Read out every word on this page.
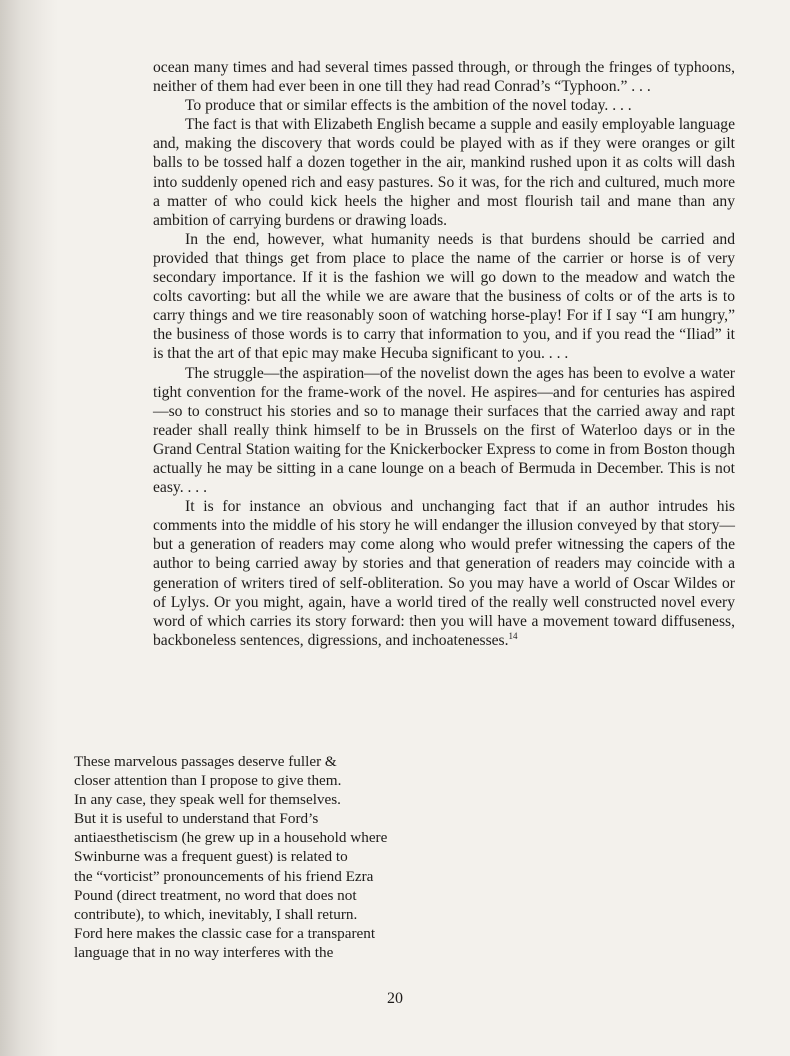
ocean many times and had several times passed through, or through the fringes of typhoons, neither of them had ever been in one till they had read Conrad’s “Typhoon.” . . .

To produce that or similar effects is the ambition of the novel today. . . .

The fact is that with Elizabeth English became a supple and easily employable language and, making the discovery that words could be played with as if they were oranges or gilt balls to be tossed half a dozen together in the air, mankind rushed upon it as colts will dash into suddenly opened rich and easy pastures. So it was, for the rich and cultured, much more a matter of who could kick heels the higher and most flourish tail and mane than any ambition of carrying burdens or drawing loads.

In the end, however, what humanity needs is that burdens should be carried and provided that things get from place to place the name of the carrier or horse is of very secondary importance. If it is the fashion we will go down to the meadow and watch the colts cavorting: but all the while we are aware that the business of colts or of the arts is to carry things and we tire reasonably soon of watching horse-play! For if I say “I am hungry,” the business of those words is to carry that information to you, and if you read the “Iliad” it is that the art of that epic may make Hecuba significant to you. . . .

The struggle—the aspiration—of the novelist down the ages has been to evolve a water tight convention for the frame-work of the novel. He aspires—and for centuries has aspired—so to construct his stories and so to manage their surfaces that the carried away and rapt reader shall really think himself to be in Brussels on the first of Waterloo days or in the Grand Central Station waiting for the Knickerbocker Express to come in from Boston though actually he may be sitting in a cane lounge on a beach of Bermuda in December. This is not easy. . . .

It is for instance an obvious and unchanging fact that if an author intrudes his comments into the middle of his story he will endanger the illusion conveyed by that story—but a generation of readers may come along who would prefer witnessing the capers of the author to being carried away by stories and that generation of readers may coincide with a generation of writers tired of self-obliteration. So you may have a world of Oscar Wildes or of Lylys. Or you might, again, have a world tired of the really well constructed novel every word of which carries its story forward: then you will have a movement toward diffuseness, backboneless sentences, digressions, and inchoatenesses.$^{14}$

These marvelous passages deserve fuller &
closer attention than I propose to give them.
In any case, they speak well for themselves.
But it is useful to understand that Ford’s
antiaesthetiscism (he grew up in a household where
Swinburne was a frequent guest) is related to
the “vorticist” pronouncements of his friend Ezra
Pound (direct treatment, no word that does not
contribute), to which, inevitably, I shall return.
Ford here makes the classic case for a transparent
language that in no way interferes with the
20
